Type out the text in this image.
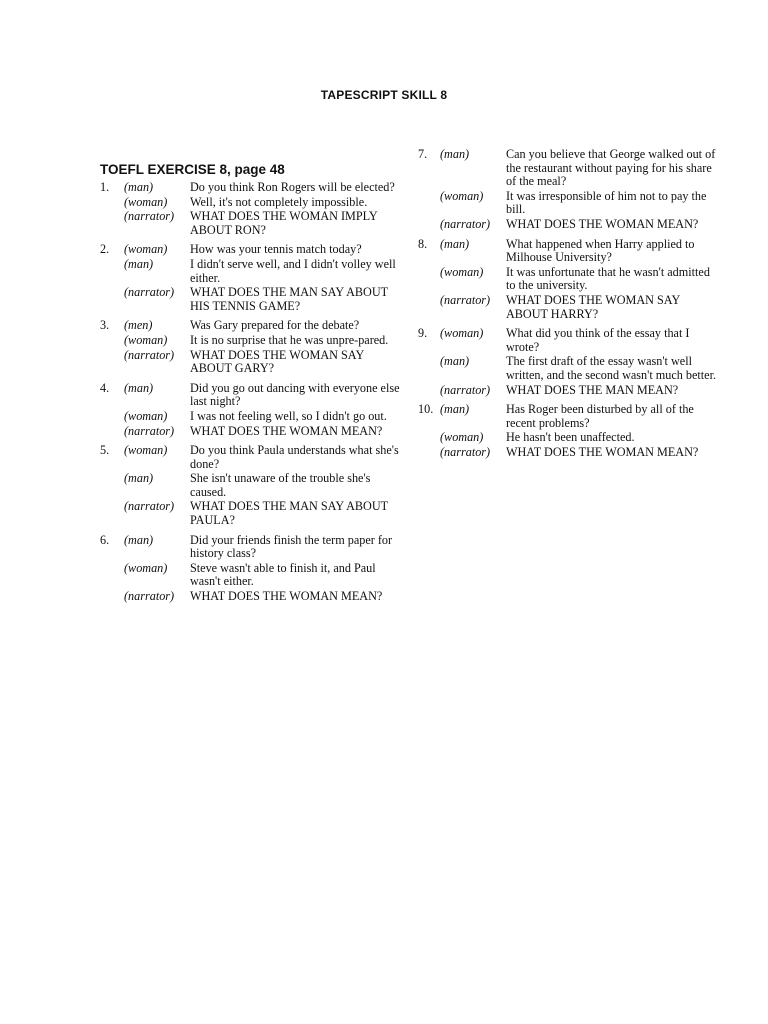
TAPESCRIPT SKILL 8
TOEFL EXERCISE 8, page 48
1.	(man)	Do you think Ron Rogers will be elected?
(woman)	Well, it's not completely impossible.
(narrator)	WHAT DOES THE WOMAN IMPLY ABOUT RON?
2.	(woman)	How was your tennis match today?
(man)	I didn't serve well, and I didn't volley well either.
(narrator)	WHAT DOES THE MAN SAY ABOUT HIS TENNIS GAME?
3.	(men)	Was Gary prepared for the debate?
(woman)	It is no surprise that he was unpre-pared.
(narrator)	WHAT DOES THE WOMAN SAY ABOUT GARY?
4.	(man)	Did you go out dancing with everyone else last night?
(woman)	I was not feeling well, so I didn't go out.
(narrator)	WHAT DOES THE WOMAN MEAN?
5.	(woman)	Do you think Paula understands what she's done?
(man)	She isn't unaware of the trouble she's caused.
(narrator)	WHAT DOES THE MAN SAY ABOUT PAULA?
6.	(man)	Did your friends finish the term paper for history class?
(woman)	Steve wasn't able to finish it, and Paul wasn't either.
(narrator)	WHAT DOES THE WOMAN MEAN?
7.	(man)	Can you believe that George walked out of the restaurant without paying for his share of the meal?
(woman)	It was irresponsible of him not to pay the bill.
(narrator)	WHAT DOES THE WOMAN MEAN?
8.	(man)	What happened when Harry applied to Milhouse University?
(woman)	It was unfortunate that he wasn't admitted to the university.
(narrator)	WHAT DOES THE WOMAN SAY ABOUT HARRY?
9.	(woman)	What did you think of the essay that I wrote?
(man)	The first draft of the essay wasn't well written, and the second wasn't much better.
(narrator)	WHAT DOES THE MAN MEAN?
10. (man)	Has Roger been disturbed by all of the recent problems?
(woman)	He hasn't been unaffected.
(narrator)	WHAT DOES THE WOMAN MEAN?
